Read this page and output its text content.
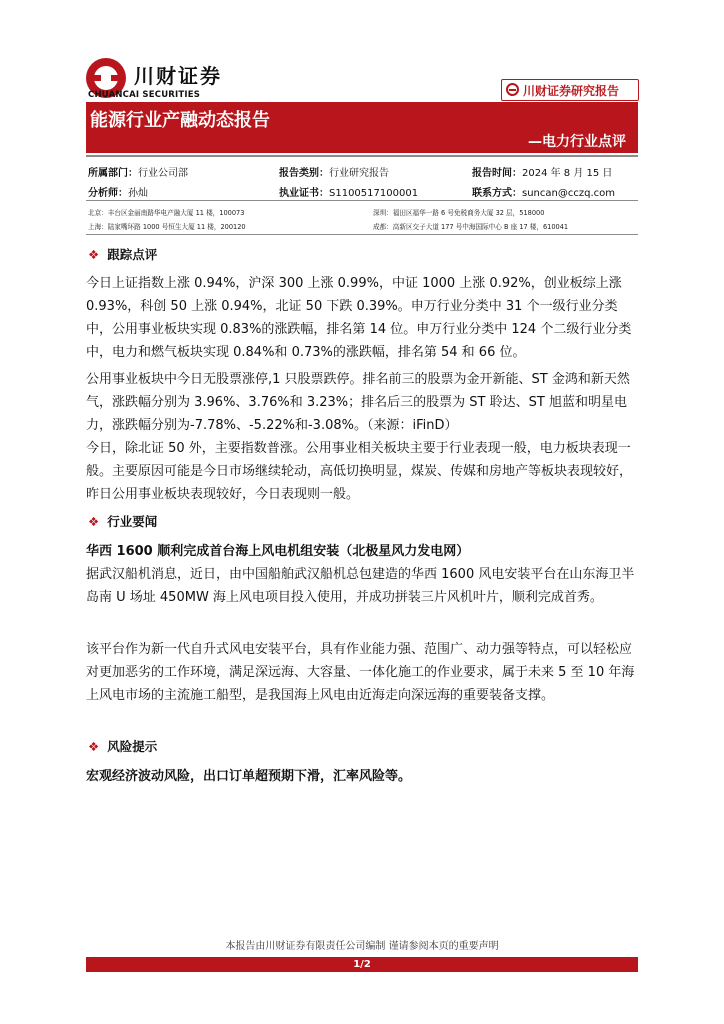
川财证券
CHUANCAI SECURITIES	川财证券研究报告
能源行业产融动态报告
—电力行业点评
所属部门：行业公司部	报告类别：行业研究报告	报告时间：2024 年 8 月 15 日
分析师：孙灿	执业证书：S1100517100001	联系方式：suncan@cczq.com
北京：丰台区金丽南路华电产融大厦 11 楼，100073	深圳：福田区福华一路 6 号免税商务大厦 32 层，518000
上海：陆家嘴环路 1000 号恒生大厦 11 楼，200120	成都：高新区交子大道 177 号中海国际中心 B 座 17 楼，610041
❖ 跟踪点评
今日上证指数上涨 0.94%，沪深 300 上涨 0.99%，中证 1000 上涨 0.92%，创业板综上涨 0.93%，科创 50 上涨 0.94%，北证 50 下跌 0.39%。申万行业分类中 31 个一级行业分类中，公用事业板块实现 0.83%的涨跌幅，排名第 14 位。申万行业分类中 124 个二级行业分类中，电力和燃气板块实现 0.84%和 0.73%的涨跌幅，排名第 54 和 66 位。
公用事业板块中今日无股票涨停,1 只股票跌停。排名前三的股票为金开新能、ST 金鸿和新天然气，涨跌幅分别为 3.96%、3.76%和 3.23%；排名后三的股票为 ST 聆达、ST 旭蓝和明星电力，涨跌幅分别为-7.78%、-5.22%和-3.08%。（来源：iFinD）
今日，除北证 50 外，主要指数普涨。公用事业相关板块主要于行业表现一般，电力板块表现一般。主要原因可能是今日市场继续轮动，高低切换明显，煤炭、传媒和房地产等板块表现较好，昨日公用事业板块表现较好，今日表现则一般。
❖ 行业要闻
华西 1600 顺利完成首台海上风电机组安装（北极星风力发电网）
据武汉船机消息，近日，由中国船舶武汉船机总包建造的华西 1600 风电安装平台在山东海卫半岛南 U 场址 450MW 海上风电项目投入使用，并成功拼装三片风机叶片，顺利完成首秀。
该平台作为新一代自升式风电安装平台，具有作业能力强、范围广、动力强等特点，可以轻松应对更加恶劣的工作环境，满足深远海、大容量、一体化施工的作业要求，属于未来 5 至 10 年海上风电市场的主流施工船型，是我国海上风电由近海走向深远海的重要装备支撑。
❖ 风险提示
宏观经济波动风险，出口订单超预期下滑，汇率风险等。
本报告由川财证券有限责任公司编制 谨请参阅本页的重要声明
1/2
